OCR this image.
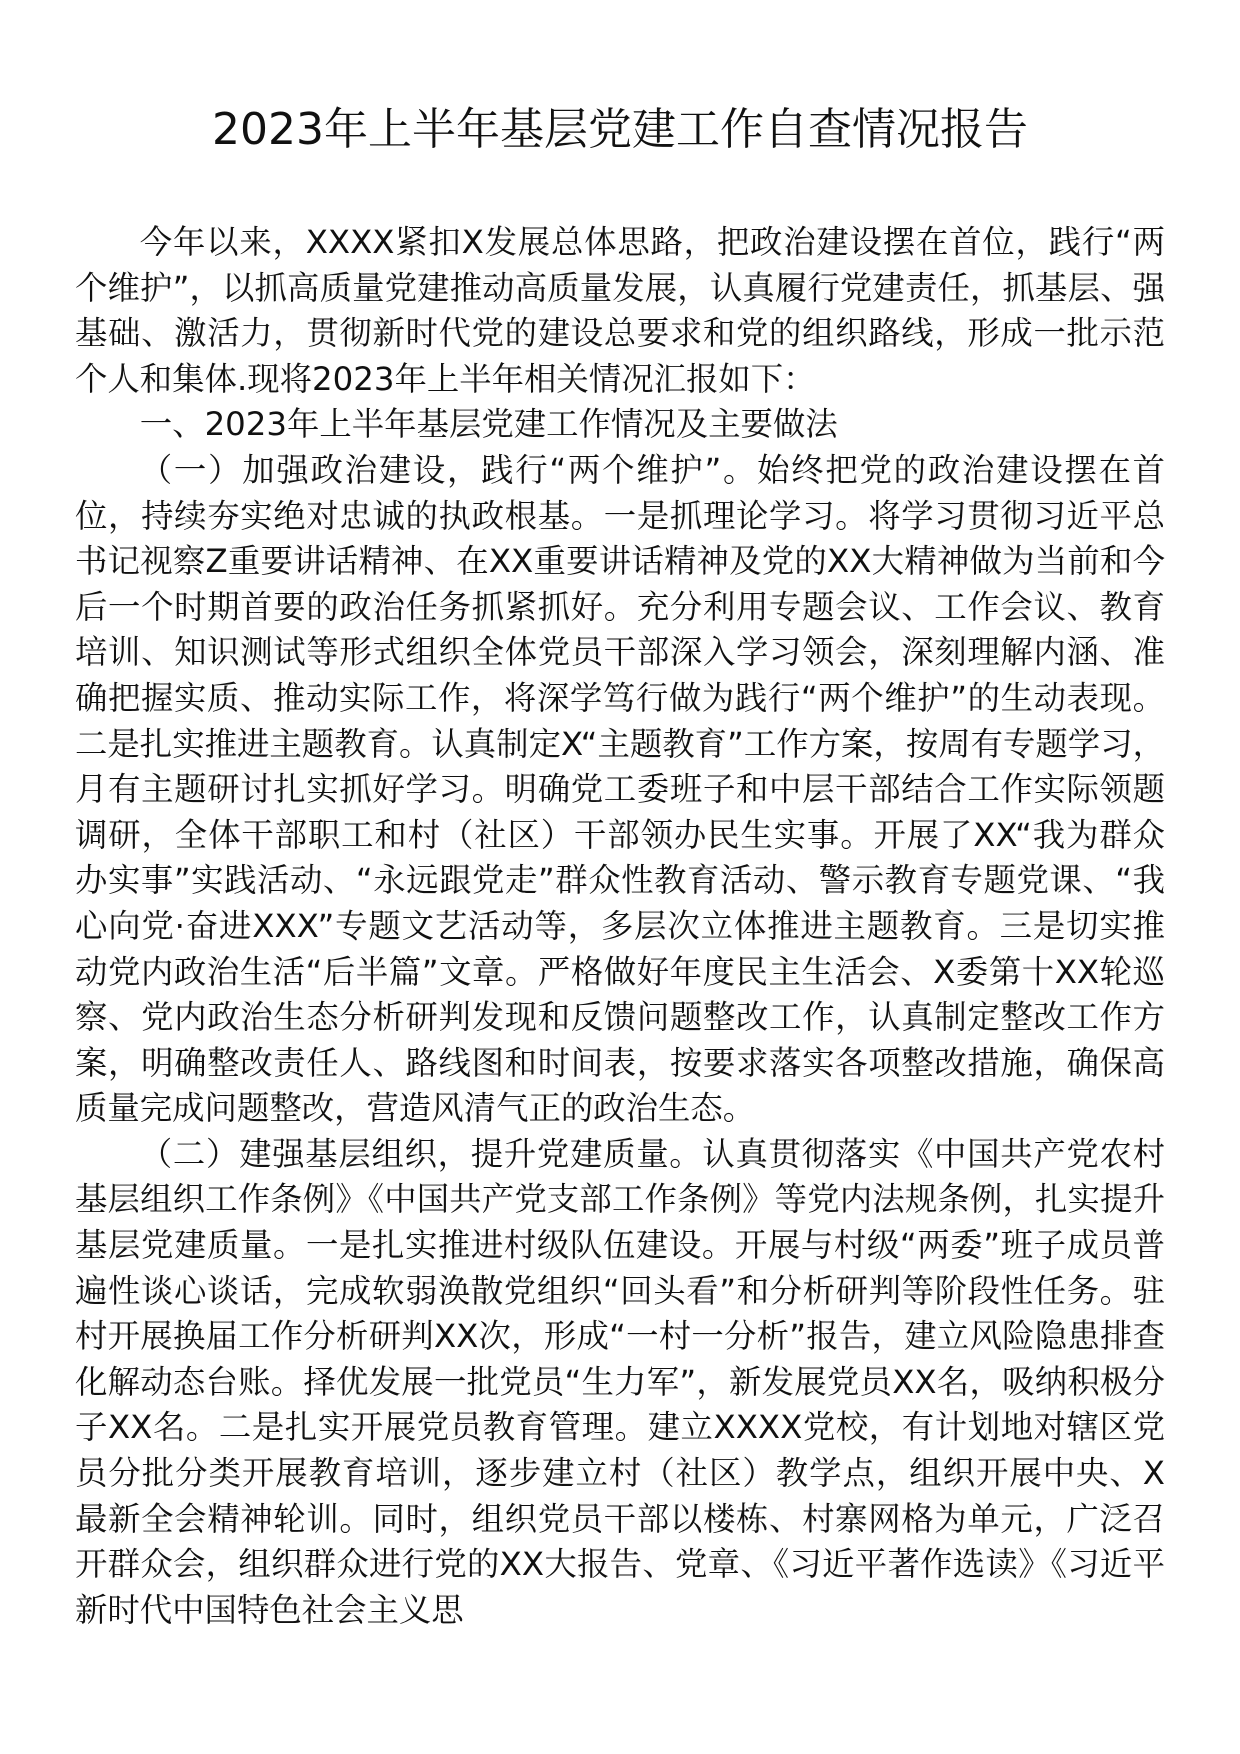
2023年上半年基层党建工作自查情况报告

今年以来，XXXX紧扣X发展总体思路，把政治建设摆在首位，践行“两个维护”，以抓高质量党建推动高质量发展，认真履行党建责任，抓基层、强基础、激活力，贯彻新时代党的建设总要求和党的组织路线，形成一批示范个人和集体.现将2023年上半年相关情况汇报如下：

一、2023年上半年基层党建工作情况及主要做法

（一）加强政治建设，践行“两个维护”。始终把党的政治建设摆在首位，持续夯实绝对忠诚的执政根基。一是抓理论学习。将学习贯彻习近平总书记视察Z重要讲话精神、在XX重要讲话精神及党的XX大精神做为当前和今后一个时期首要的政治任务抓紧抓好。充分利用专题会议、工作会议、教育培训、知识测试等形式组织全体党员干部深入学习领会，深刻理解内涵、准确把握实质、推动实际工作，将深学笃行做为践行“两个维护”的生动表现。二是扎实推进主题教育。认真制定X“主题教育”工作方案，按周有专题学习，月有主题研讨扎实抓好学习。明确党工委班子和中层干部结合工作实际领题调研，全体干部职工和村（社区）干部领办民生实事。开展了XX“我为群众办实事”实践活动、“永远跟党走”群众性教育活动、警示教育专题党课、“我心向党·奋进XXX”专题文艺活动等，多层次立体推进主题教育。三是切实推动党内政治生活“后半篇”文章。严格做好年度民主生活会、X委第十XX轮巡察、党内政治生态分析研判发现和反馈问题整改工作，认真制定整改工作方案，明确整改责任人、路线图和时间表，按要求落实各项整改措施，确保高质量完成问题整改，营造风清气正的政治生态。

（二）建强基层组织，提升党建质量。认真贯彻落实《中国共产党农村基层组织工作条例》《中国共产党支部工作条例》等党内法规条例，扎实提升基层党建质量。一是扎实推进村级队伍建设。开展与村级“两委”班子成员普遍性谈心谈话，完成软弱涣散党组织“回头看”和分析研判等阶段性任务。驻村开展换届工作分析研判XX次，形成“一村一分析”报告，建立风险隐患排查化解动态台账。择优发展一批党员“生力军”，新发展党员XX名，吸纳积极分子XX名。二是扎实开展党员教育管理。建立XXXX党校，有计划地对辖区党员分批分类开展教育培训，逐步建立村（社区）教学点，组织开展中央、X最新全会精神轮训。同时，组织党员干部以楼栋、村寨网格为单元，广泛召开群众会，组织群众进行党的XX大报告、党章、《习近平著作选读》《习近平新时代中国特色社会主义思
